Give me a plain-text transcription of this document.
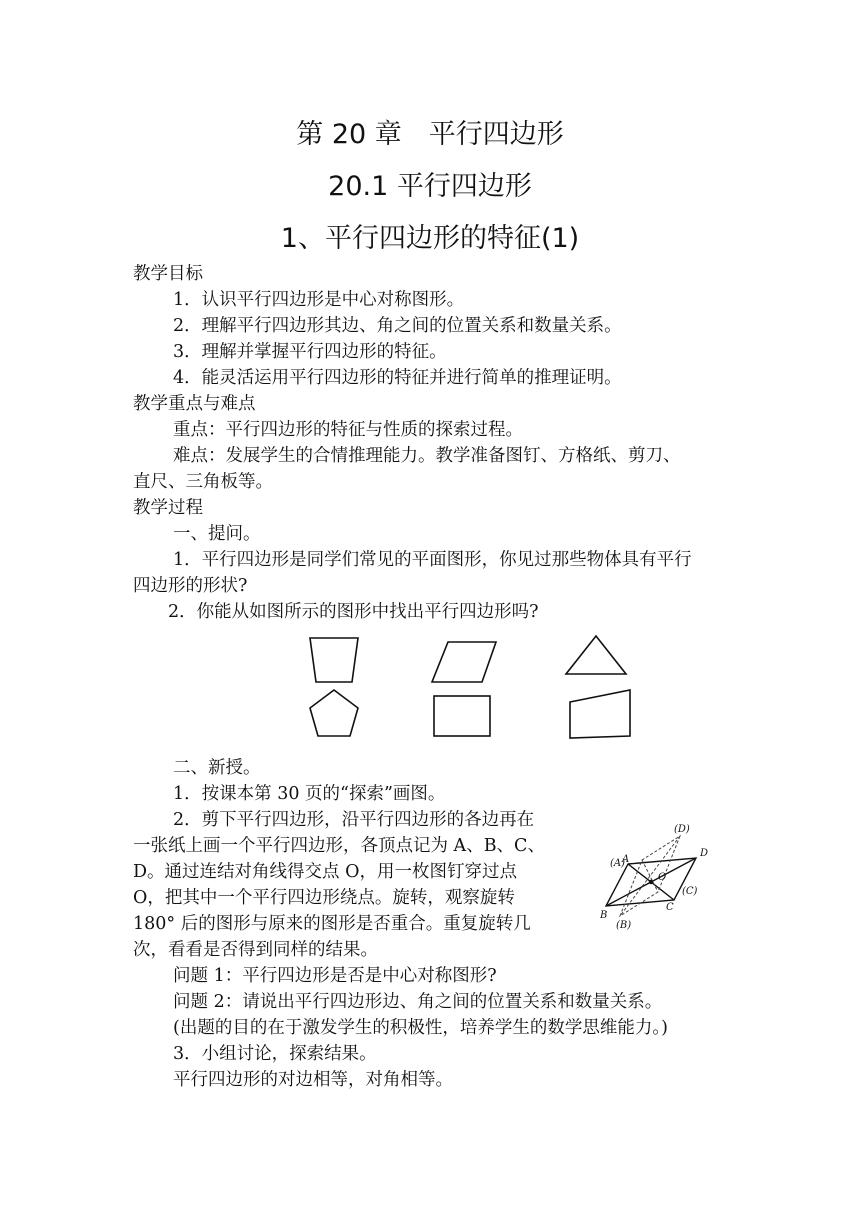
第 20 章　平行四边形
20.1 平行四边形
1、平行四边形的特征(1)
教学目标
1．认识平行四边形是中心对称图形。
2．理解平行四边形其边、角之间的位置关系和数量关系。
3．理解并掌握平行四边形的特征。
4．能灵活运用平行四边形的特征并进行简单的推理证明。
教学重点与难点
重点：平行四边形的特征与性质的探索过程。
难点：发展学生的合情推理能力。教学准备图钉、方格纸、剪刀、
直尺、三角板等。
教学过程
一、提问。
1．平行四边形是同学们常见的平面图形，你见过那些物体具有平行
四边形的形状?
2．你能从如图所示的图形中找出平行四边形吗?
二、新授。
1．按课本第 30 页的“探索”画图。
2．剪下平行四边形，沿平行四边形的各边再在
一张纸上画一个平行四边形，各顶点记为 A、B、C、
D。通过连结对角线得交点 O，用一枚图钉穿过点
O，把其中一个平行四边形绕点。旋转，观察旋转
180° 后的图形与原来的图形是否重合。重复旋转几
次，看看是否得到同样的结果。
A
B
C
D
O
(A)
(B)
(C)
(D)
问题 1：平行四边形是否是中心对称图形?
问题 2：请说出平行四边形边、角之间的位置关系和数量关系。
(出题的目的在于激发学生的积极性，培养学生的数学思维能力。)
3．小组讨论，探索结果。
平行四边形的对边相等，对角相等。
